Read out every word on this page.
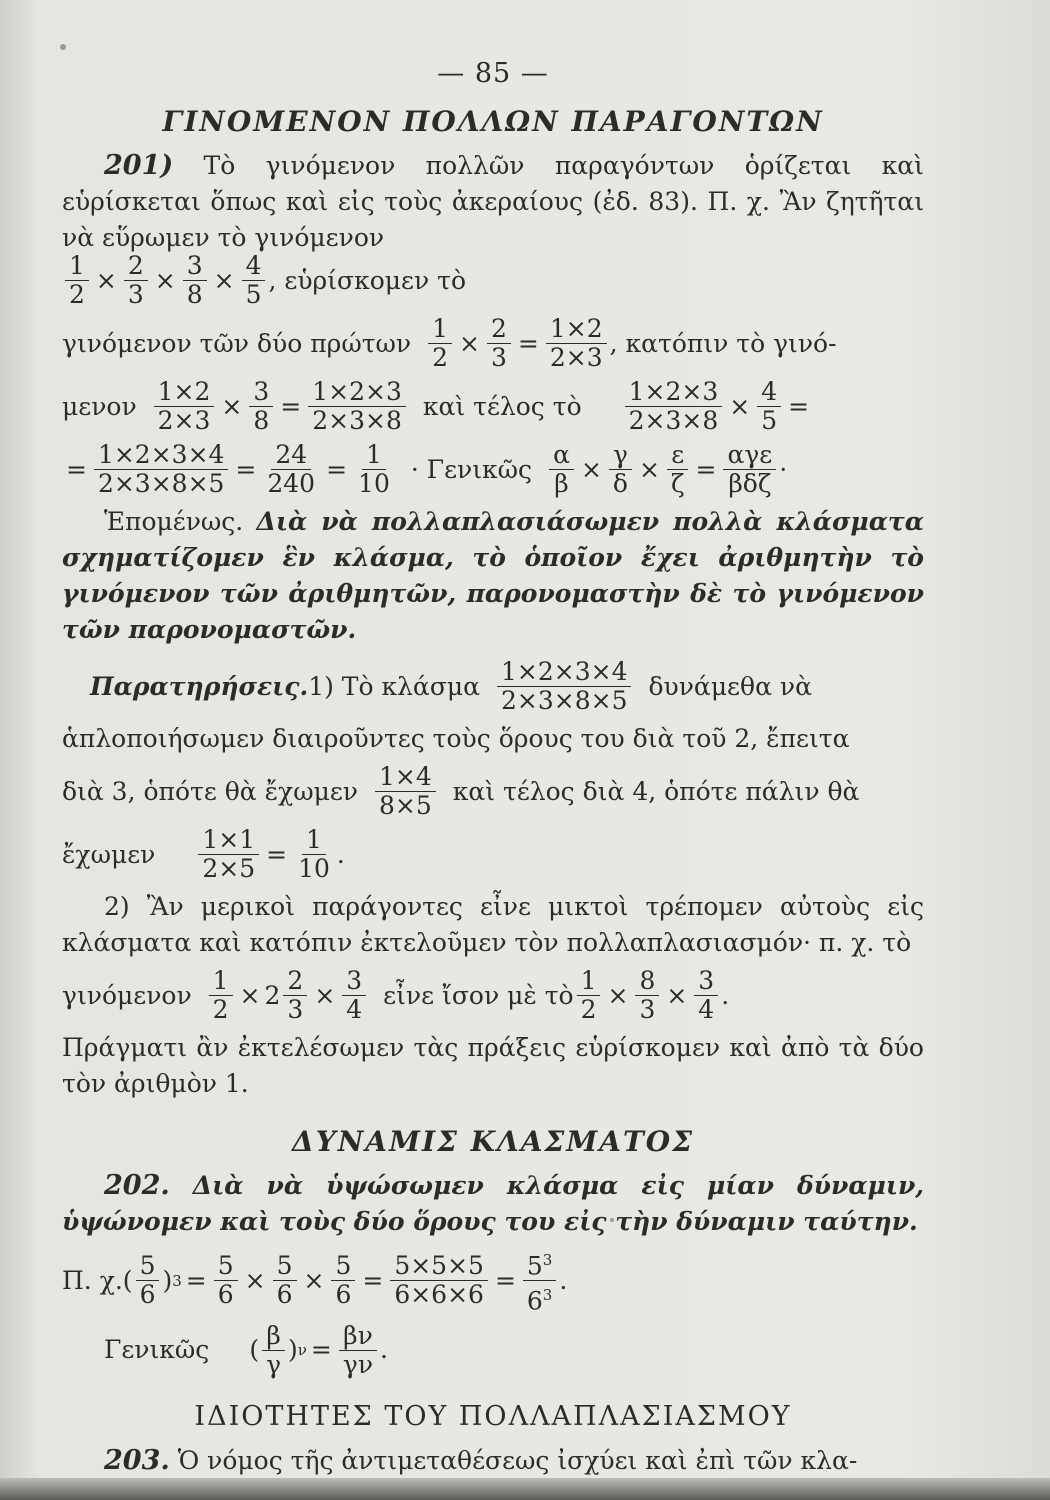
— 85 —
ΓΙΝΟΜΕΝΟΝ ΠΟΛΛΩΝ ΠΑΡΑΓΟΝΤΩΝ

201) Τὸ γινόμενον πολλῶν παραγόντων ὁρίζεται καὶ εὑρίσκεται ὅπως καὶ εἰς τοὺς ἀκεραίους (ἐδ. 83). Π. χ. Ἂν ζητῆται νὰ εὕρωμεν τὸ γινόμενον

$\frac{1}{2} \times \frac{2}{3} \times \frac{3}{8} \times \frac{4}{5}$ , εὑρίσκομεν τὸ
γινόμενον τῶν δύο πρώτων $\frac{1}{2} \times \frac{2}{3} = \frac{1\times 2}{2\times 3}$ , κατόπιν τὸ γινό-
μενον $\frac{1\times 2}{2\times 3} \times \frac{3}{8} = \frac{1\times 2\times 3}{2\times 3\times 8}$ καὶ τέλος τὸ $\frac{1\times 2\times 3}{2\times 3\times 8} \times \frac{4}{5}$ =
= $\frac{1\times 2\times 3\times 4}{2\times 3\times 8\times 5} = \frac{24}{240} = \frac{1}{10}$ · Γενικῶς $\frac{\alpha}{\beta} \times \frac{\gamma}{\delta} \times \frac{\varepsilon}{\zeta} = \frac{\text{αγε}}{\text{βδζ}}$ ·

Ἑπομένως. Διὰ νὰ πολλαπλασιάσωμεν πολλὰ κλάσματα σχηματίζομεν ἓν κλάσμα, τὸ ὁποῖον ἔχει ἀριθμητὴν τὸ γινόμενον τῶν ἀριθμητῶν, παρονομαστὴν δὲ τὸ γινόμενον τῶν παρονομαστῶν.

Παρατηρήσεις. 1) Τὸ κλάσμα $\frac{1\times 2\times 3\times 4}{2\times 3\times 8\times 5}$ δυνάμεθα νὰ

ἁπλοποιήσωμεν διαιροῦντες τοὺς ὅρους του διὰ τοῦ 2, ἔπειτα

διὰ 3, ὁπότε θὰ ἔχωμεν $\frac{1\times 4}{8\times 5}$ καὶ τέλος διὰ 4, ὁπότε πάλιν θὰ
ἔχωμεν $\frac{1\times 1}{2\times 5} = \frac{1}{10}$ .

2) Ἂν μερικοὶ παράγοντες εἶνε μικτοὶ τρέπομεν αὐτοὺς εἰς κλάσματα καὶ κατόπιν ἐκτελοῦμεν τὸν πολλαπλασιασμόν· π. χ. τὸ

γινόμενον $\frac{1}{2} \times 2 \frac{2}{3} \times \frac{3}{4}$ εἶνε ἴσον μὲ τὸ $\frac{1}{2} \times \frac{8}{3} \times \frac{3}{4}$ .

Πράγματι ἂν ἐκτελέσωμεν τὰς πράξεις εὑρίσκομεν καὶ ἀπὸ τὰ δύο τὸν ἀριθμὸν 1.

ΔΥΝΑΜΙΣ ΚΛΑΣΜΑΤΟΣ

202. Διὰ νὰ ὑψώσωμεν κλάσμα εἰς μίαν δύναμιν, ὑψώνομεν καὶ τοὺς δύο ὅρους του εἰς τὴν δύναμιν ταύτην.

Π. χ. ( $\frac{5}{6}$ ) $3 = \frac{5}{6} \times \frac{5}{6} \times \frac{5}{6} = \frac{5\times 5\times 5}{6\times 6\times 6} = \frac{5^3}{6^3}$ .
Γενικῶς ( $\frac{\beta}{\gamma}$ ) $\nu = \frac{\beta\nu}{\gamma\nu}$ .
ΙΔΙΟΤΗΤΕΣ ΤΟΥ ΠΟΛΛΑΠΛΑΣΙΑΣΜΟΥ

203. Ὁ νόμος τῆς ἀντιμεταθέσεως ἰσχύει καὶ ἐπὶ τῶν κλα-
